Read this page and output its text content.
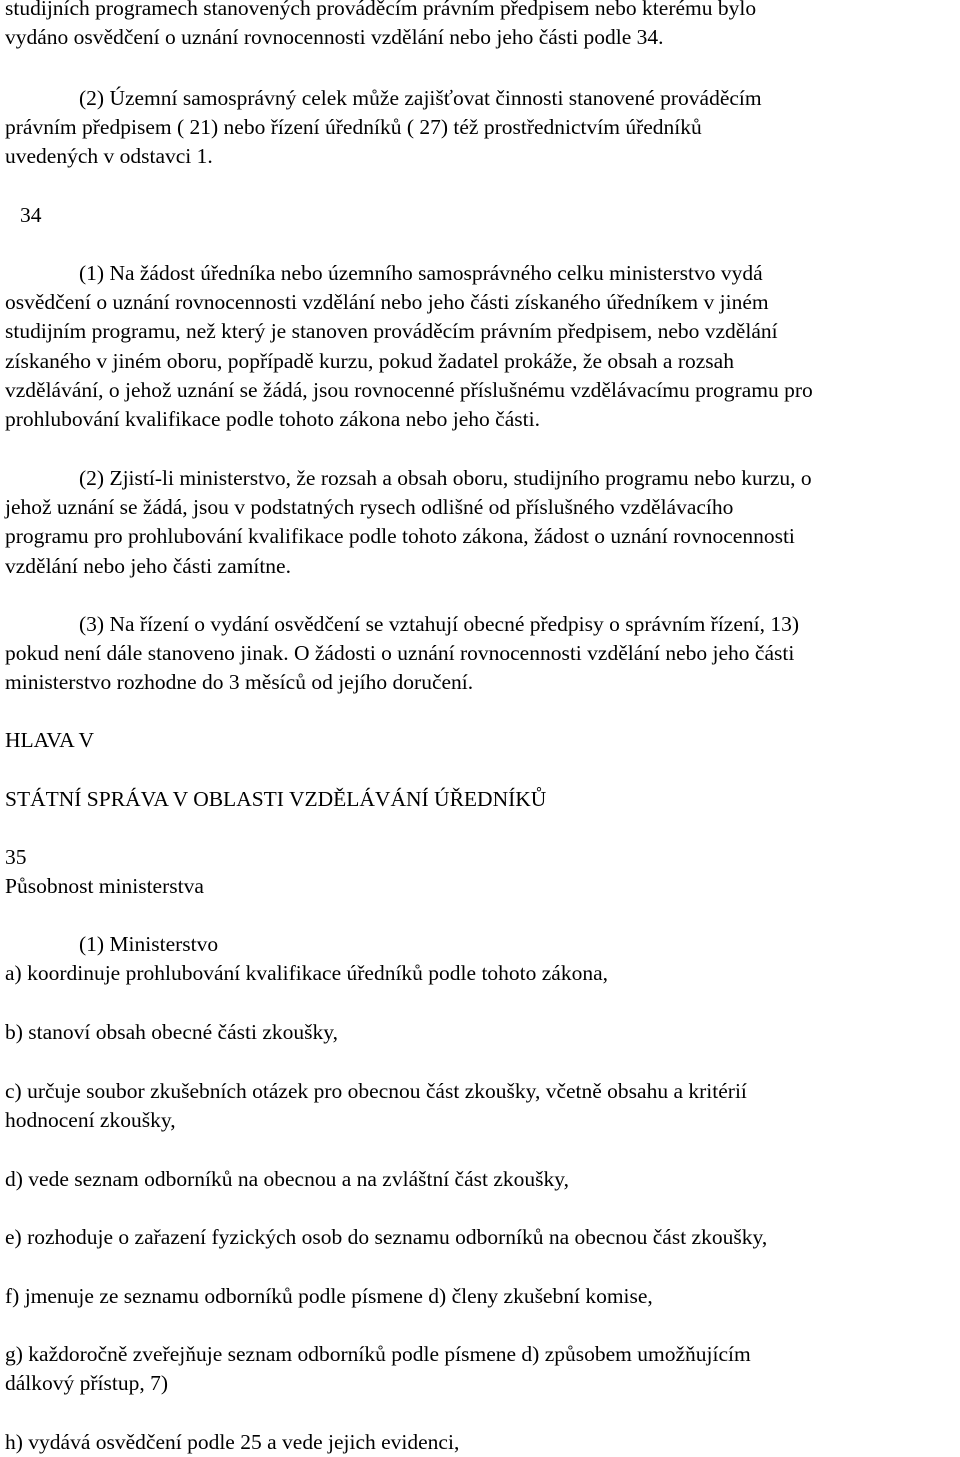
studijních programech stanovených prováděcím právním předpisem nebo kterému bylo
vydáno osvědčení o uznání rovnocennosti vzdělání nebo jeho části podle 34.
(2) Územní samosprávný celek může zajišťovat činnosti stanovené prováděcím
právním předpisem ( 21) nebo řízení úředníků ( 27) též prostřednictvím úředníků
uvedených v odstavci 1.
34
(1) Na žádost úředníka nebo územního samosprávného celku ministerstvo vydá
osvědčení o uznání rovnocennosti vzdělání nebo jeho části získaného úředníkem v jiném
studijním programu, než který je stanoven prováděcím právním předpisem, nebo vzdělání
získaného v jiném oboru, popřípadě kurzu, pokud žadatel prokáže, že obsah a rozsah
vzdělávání, o jehož uznání se žádá, jsou rovnocenné příslušnému vzdělávacímu programu pro
prohlubování kvalifikace podle tohoto zákona nebo jeho části.
(2) Zjistí-li ministerstvo, že rozsah a obsah oboru, studijního programu nebo kurzu, o
jehož uznání se žádá, jsou v podstatných rysech odlišné od příslušného vzdělávacího
programu pro prohlubování kvalifikace podle tohoto zákona, žádost o uznání rovnocennosti
vzdělání nebo jeho části zamítne.
(3) Na řízení o vydání osvědčení se vztahují obecné předpisy o správním řízení, 13)
pokud není dále stanoveno jinak. O žádosti o uznání rovnocennosti vzdělání nebo jeho části
ministerstvo rozhodne do 3 měsíců od jejího doručení.
HLAVA V
STÁTNÍ SPRÁVA V OBLASTI VZDĚLÁVÁNÍ ÚŘEDNÍKŮ
35
Působnost ministerstva
(1) Ministerstvo
a) koordinuje prohlubování kvalifikace úředníků podle tohoto zákona,
b) stanoví obsah obecné části zkoušky,
c) určuje soubor zkušebních otázek pro obecnou část zkoušky, včetně obsahu a kritérií
hodnocení zkoušky,
d) vede seznam odborníků na obecnou a na zvláštní část zkoušky,
e) rozhoduje o zařazení fyzických osob do seznamu odborníků na obecnou část zkoušky,
f) jmenuje ze seznamu odborníků podle písmene d) členy zkušební komise,
g) každoročně zveřejňuje seznam odborníků podle písmene d) způsobem umožňujícím
dálkový přístup, 7)
h) vydává osvědčení podle 25 a vede jejich evidenci,
